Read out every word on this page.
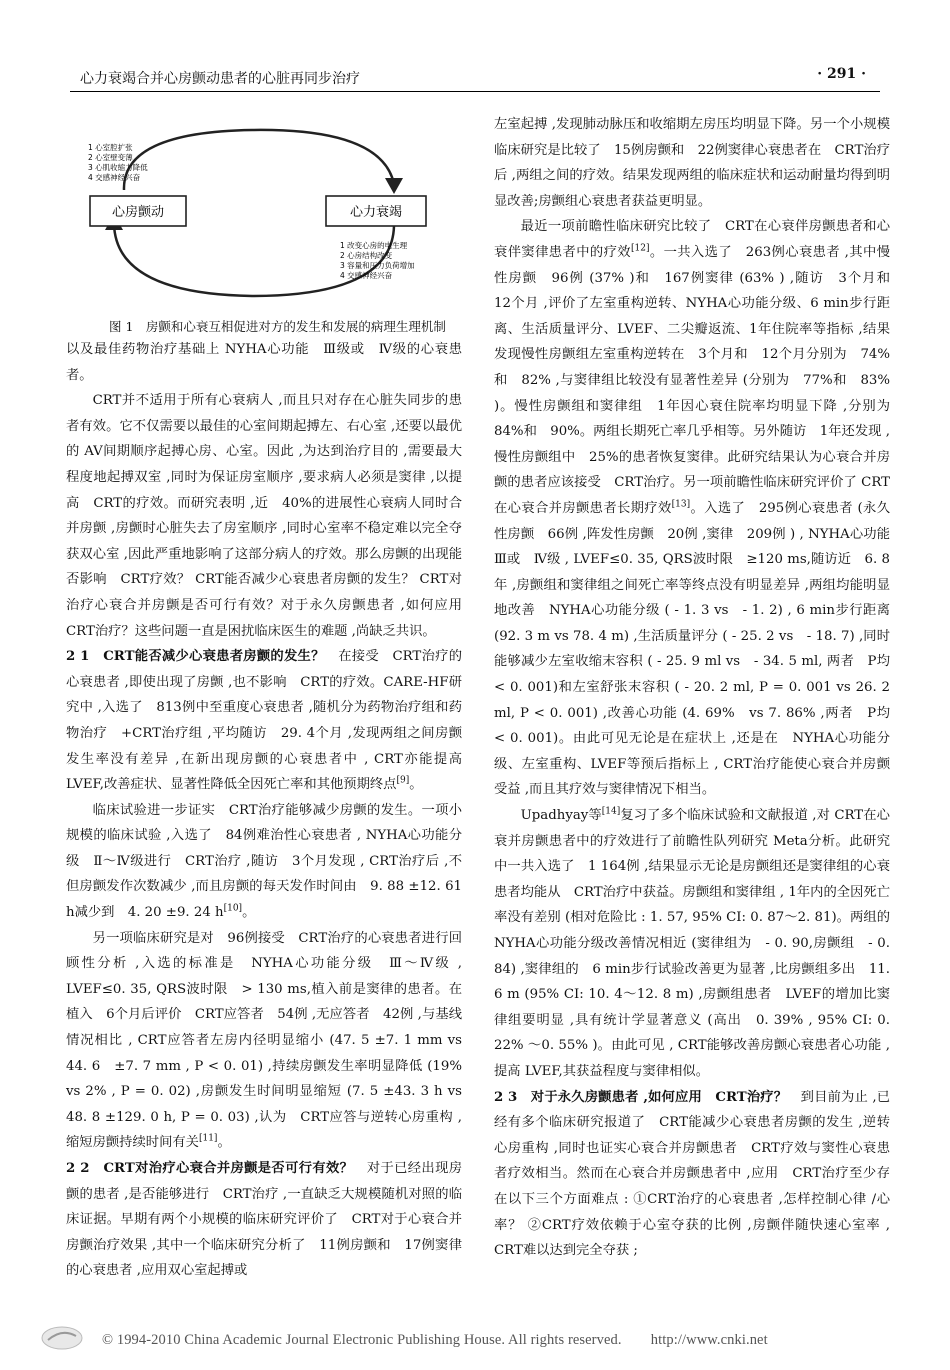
心力衰竭合并心房颤动患者的心脏再同步治疗	· 291 ·
心房颤动	心力衰竭
1 心室腔扩张
2 心室壁变薄
3 心肌收缩力降低
4 交感神经兴奋
1 改变心房的电生理
2 心房结构改变
3 容量和压力负荷增加
4 交感神经兴奋

图 1　房颤和心衰互相促进对方的发生和发展的病理生理机制

以及最佳药物治疗基础上 NYHA心功能　Ⅲ级或　Ⅳ级的心衰患者。

CRT并不适用于所有心衰病人 ,而且只对存在心脏失同步的患者有效。它不仅需要以最佳的心室间期起搏左、右心室 ,还要以最优的 AV间期顺序起搏心房、心室。因此 ,为达到治疗目的 ,需要最大程度地起搏双室 ,同时为保证房室顺序 ,要求病人必须是窦律 ,以提高　CRT的疗效。而研究表明 ,近　40%的进展性心衰病人同时合并房颤 ,房颤时心脏失去了房室顺序 ,同时心室率不稳定难以完全夺获双心室 ,因此严重地影响了这部分病人的疗效。那么房颤的出现能否影响　CRT疗效？ CRT能否减少心衰患者房颤的发生？ CRT对治疗心衰合并房颤是否可行有效？对于永久房颤患者 ,如何应用　CRT治疗？这些问题一直是困扰临床医生的难题 ,尚缺乏共识。

2 1　CRT能否减少心衰患者房颤的发生？　 在接受　CRT治疗的心衰患者 ,即使出现了房颤 ,也不影响　CRT的疗效。CARE-HF研究中 ,入选了　813例中至重度心衰患者 ,随机分为药物治疗组和药物治疗　+CRT治疗组 ,平均随访　29. 4个月 ,发现两组之间房颤发生率没有差异 ,在新出现房颤的心衰患者中 , CRT亦能提高 LVEF,改善症状、显著性降低全因死亡率和其他预期终点[9]。

临床试验进一步证实　CRT治疗能够减少房颤的发生。一项小规模的临床试验 ,入选了　84例难治性心衰患者 , NYHA心功能分级　Ⅱ～Ⅳ级进行　CRT治疗 ,随访　3个月发现 , CRT治疗后 ,不但房颤发作次数减少 ,而且房颤的每天发作时间由　9. 88 ±12. 61 h减少到　4. 20 ±9. 24 h[10]。

另一项临床研究是对　96例接受　CRT治疗的心衰患者进行回顾性分析 ,入选的标准是　NYHA心功能分级　Ⅲ～Ⅳ级 , LVEF≤0. 35, QRS波时限　> 130 ms,植入前是窦律的患者。在植入　6个月后评价　CRT应答者　54例 ,无应答者　42例 ,与基线情况相比 , CRT应答者左房内径明显缩小 (47. 5 ±7. 1 mm vs 44. 6　±7. 7 mm , P < 0. 01) ,持续房颤发生率明显降低 (19%　vs 2% , P = 0. 02) ,房颤发生时间明显缩短 (7. 5 ±43. 3 h vs 48. 8 ±129. 0 h, P = 0. 03) ,认为　CRT应答与逆转心房重构 ,缩短房颤持续时间有关[11]。

2 2　CRT对治疗心衰合并房颤是否可行有效？　 对于已经出现房颤的患者 ,是否能够进行　CRT治疗 ,一直缺乏大规模随机对照的临床证据。早期有两个小规模的临床研究评价了　CRT对于心衰合并房颤治疗效果 ,其中一个临床研究分析了　11例房颤和　17例窦律的心衰患者 ,应用双心室起搏或

左室起搏 ,发现肺动脉压和收缩期左房压均明显下降。另一个小规模临床研究是比较了　15例房颤和　22例窦律心衰患者在　CRT治疗后 ,两组之间的疗效。结果发现两组的临床症状和运动耐量均得到明显改善;房颤组心衰患者获益更明显。

最近一项前瞻性临床研究比较了　CRT在心衰伴房颤患者和心衰伴窦律患者中的疗效[12]。一共入选了　263例心衰患者 ,其中慢性房颤　96例 (37% )和　167例窦律 (63% ) ,随访　3个月和　12个月 ,评价了左室重构逆转、NYHA心功能分级、6 min步行距离、生活质量评分、LVEF、二尖瓣返流、1年住院率等指标 ,结果发现慢性房颤组左室重构逆转在　3个月和　12个月分别为　74%和　82% ,与窦律组比较没有显著性差异 (分别为　77%和　83% )。慢性房颤组和窦律组　1年因心衰住院率均明显下降 ,分别为　84%和　90%。两组长期死亡率几乎相等。另外随访　1年还发现 ,慢性房颤组中　25%的患者恢复窦律。此研究结果认为心衰合并房颤的患者应该接受　CRT治疗。另一项前瞻性临床研究评价了 CRT在心衰合并房颤患者长期疗效[13]。入选了　295例心衰患者 (永久性房颤　66例 ,阵发性房颤　20例 ,窦律　209例 ) , NYHA心功能 Ⅲ或　Ⅳ级 , LVEF≤0. 35, QRS波时限　≥120 ms,随访近　6. 8年 ,房颤组和窦律组之间死亡率等终点没有明显差异 ,两组均能明显地改善　NYHA心功能分级 ( - 1. 3 vs　- 1. 2) , 6 min步行距离 (92. 3 m vs 78. 4 m) ,生活质量评分 ( - 25. 2 vs　- 18. 7) ,同时能够减少左室收缩末容积 ( - 25. 9 ml vs　- 34. 5 ml, 两者　P均　< 0. 001)和左室舒张末容积 ( - 20. 2 ml, P = 0. 001 vs 26. 2 ml, P < 0. 001) ,改善心功能 (4. 69%　vs 7. 86% ,两者　P均　< 0. 001)。由此可见无论是在症状上 ,还是在　NYHA心功能分级、左室重构、LVEF等预后指标上 , CRT治疗能使心衰合并房颤受益 ,而且其疗效与窦律情况下相当。

Upadhyay等[14]复习了多个临床试验和文献报道 ,对 CRT在心衰并房颤患者中的疗效进行了前瞻性队列研究 Meta分析。此研究中一共入选了　1 164例 ,结果显示无论是房颤组还是窦律组的心衰患者均能从　CRT治疗中获益。房颤组和窦律组 , 1年内的全因死亡率没有差别 (相对危险比 : 1. 57, 95% CI: 0. 87～2. 81)。两组的　NYHA心功能分级改善情况相近 (窦律组为　- 0. 90,房颤组　- 0. 84) ,窦律组的　6 min步行试验改善更为显著 ,比房颤组多出　11. 6 m (95% CI: 10. 4～12. 8 m) ,房颤组患者　LVEF的增加比窦律组要明显 ,具有统计学显著意义 (高出　0. 39% , 95% CI: 0. 22% ～0. 55% )。由此可见 , CRT能够改善房颤心衰患者心功能 ,提高 LVEF,其获益程度与窦律相似。

2 3　对于永久房颤患者 ,如何应用　CRT治疗？　 到目前为止 ,已经有多个临床研究报道了　CRT能减少心衰患者房颤的发生 ,逆转心房重构 ,同时也证实心衰合并房颤患者　CRT疗效与窦性心衰患者疗效相当。然而在心衰合并房颤患者中 ,应用　CRT治疗至少存在以下三个方面难点 : ①CRT治疗的心衰患者 ,怎样控制心律 /心率？ ②CRT疗效依赖于心室夺获的比例 ,房颤伴随快速心室率 , CRT难以达到完全夺获 ;

© 1994-2010 China Academic Journal Electronic Publishing House. All rights reserved.　　http://www.cnki.net
